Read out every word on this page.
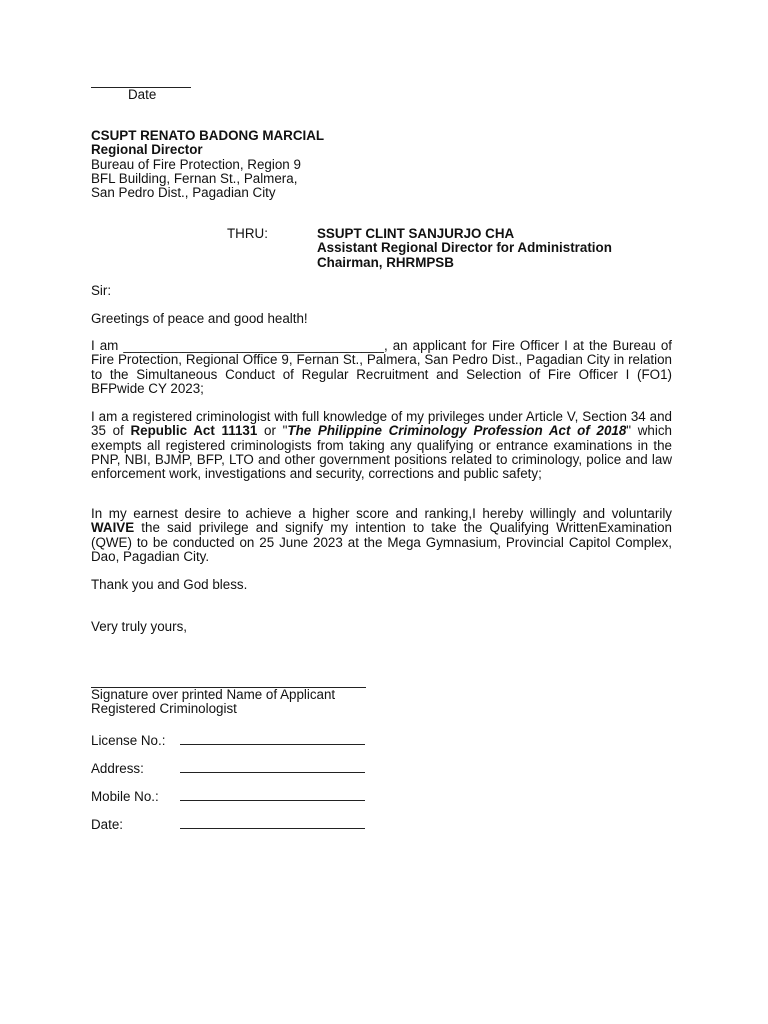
Date
CSUPT RENATO BADONG MARCIAL
Regional Director
Bureau of Fire Protection, Region 9
BFL Building, Fernan St., Palmera,
San Pedro Dist., Pagadian City
THRU:	SSUPT CLINT SANJURJO CHA
Assistant Regional Director for Administration
Chairman, RHRMPSB
Sir:
Greetings of peace and good health!
I am ___________________________________, an applicant for Fire Officer I at the Bureau of Fire Protection, Regional Office 9, Fernan St., Palmera, San Pedro Dist., Pagadian City in relation to the Simultaneous Conduct of Regular Recruitment and Selection of Fire Officer I (FO1) BFPwide CY 2023;
I am a registered criminologist with full knowledge of my privileges under Article V, Section 34 and 35 of Republic Act 11131 or "The Philippine Criminology Profession Act of 2018" which exempts all registered criminologists from taking any qualifying or entrance examinations in the PNP, NBI, BJMP, BFP, LTO and other government positions related to criminology, police and law enforcement work, investigations and security, corrections and public safety;
In my earnest desire to achieve a higher score and ranking,I hereby willingly and voluntarily WAIVE the said privilege and signify my intention to take the Qualifying WrittenExamination (QWE) to be conducted on 25 June 2023 at the Mega Gymnasium, Provincial Capitol Complex, Dao, Pagadian City.
Thank you and God bless.
Very truly yours,
Signature over printed Name of Applicant
Registered Criminologist
License No.:
Address:
Mobile No.:
Date:
